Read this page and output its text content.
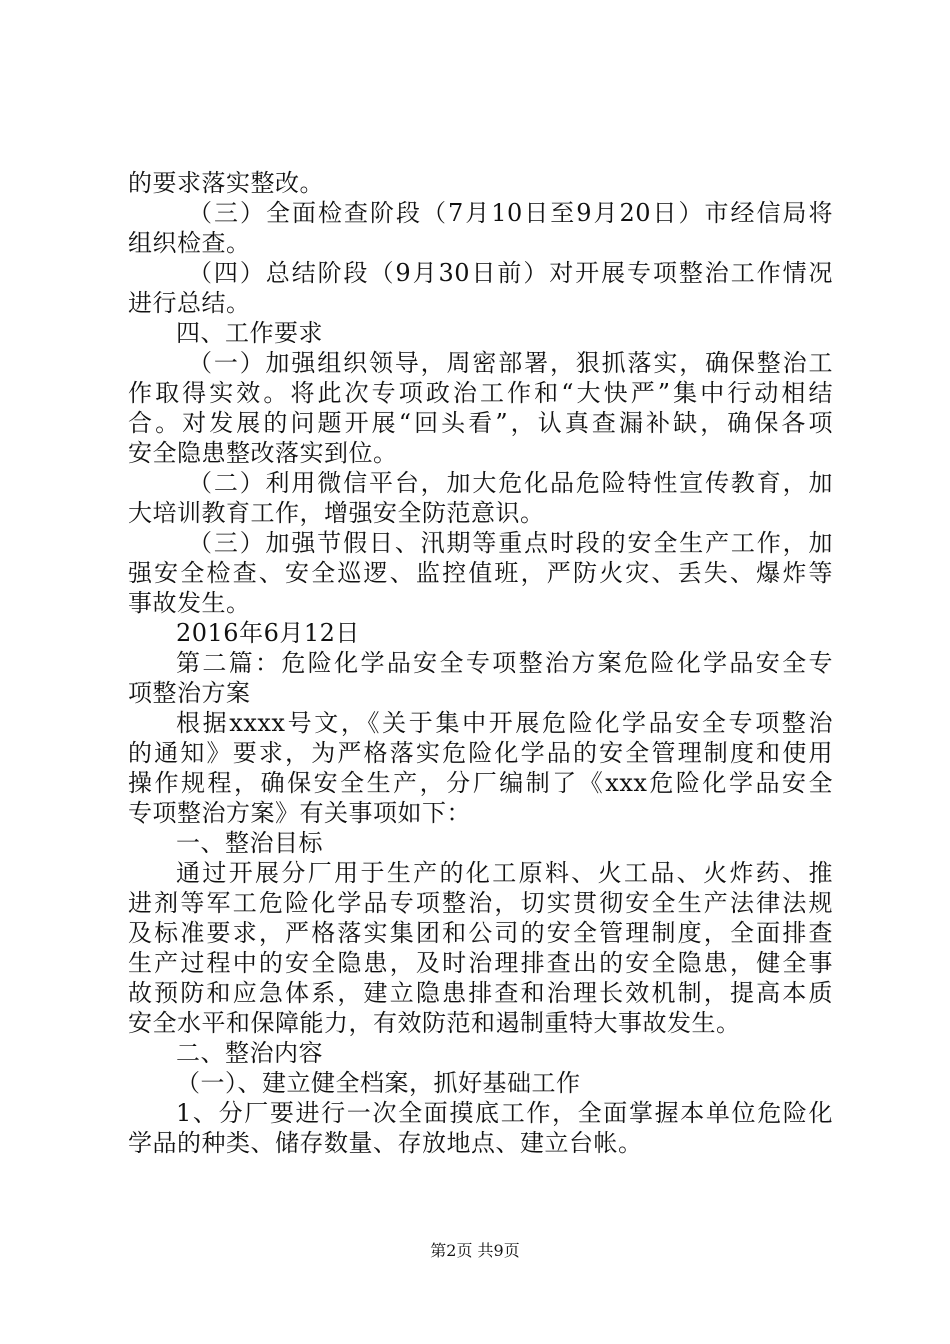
的要求落实整改。
（三）全面检查阶段（7月10日至9月20日）市经信局将
组织检查。
（四）总结阶段（9月30日前）对开展专项整治工作情况
进行总结。
四、工作要求
（一）加强组织领导，周密部署，狠抓落实，确保整治工
作取得实效。将此次专项政治工作和“大快严”集中行动相结
合。对发展的问题开展“回头看”，认真查漏补缺，确保各项
安全隐患整改落实到位。
（二）利用微信平台，加大危化品危险特性宣传教育，加
大培训教育工作，增强安全防范意识。
（三）加强节假日、汛期等重点时段的安全生产工作，加
强安全检查、安全巡逻、监控值班，严防火灾、丢失、爆炸等
事故发生。
2016年6月12日
第二篇：危险化学品安全专项整治方案危险化学品安全专
项整治方案
根据xxxx号文，《关于集中开展危险化学品安全专项整治
的通知》要求，为严格落实危险化学品的安全管理制度和使用
操作规程，确保安全生产，分厂编制了《xxx危险化学品安全
专项整治方案》有关事项如下：
一、整治目标
通过开展分厂用于生产的化工原料、火工品、火炸药、推
进剂等军工危险化学品专项整治，切实贯彻安全生产法律法规
及标准要求，严格落实集团和公司的安全管理制度，全面排查
生产过程中的安全隐患，及时治理排查出的安全隐患，健全事
故预防和应急体系，建立隐患排查和治理长效机制，提高本质
安全水平和保障能力，有效防范和遏制重特大事故发生。
二、整治内容
（一）、建立健全档案，抓好基础工作
1、分厂要进行一次全面摸底工作，全面掌握本单位危险化
学品的种类、储存数量、存放地点、建立台帐。
第2页 共9页
